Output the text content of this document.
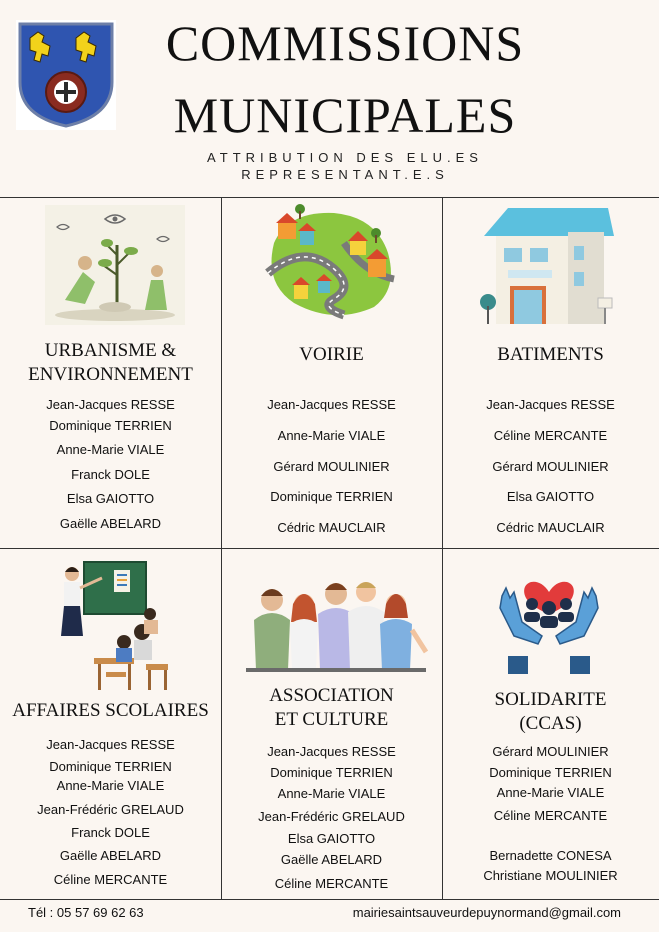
COMMISSIONS
MUNICIPALES
ATTRIBUTION DES ELU.ES
REPRESENTANT.E.S
URBANISME &
ENVIRONNEMENT
Jean-Jacques RESSE
Dominique TERRIEN
Anne-Marie VIALE
Franck DOLE
Elsa GAIOTTO
Gaëlle ABELARD
VOIRIE
Jean-Jacques RESSE
Anne-Marie VIALE
Gérard MOULINIER
Dominique TERRIEN
Cédric MAUCLAIR
BATIMENTS
Jean-Jacques RESSE
Céline MERCANTE
Gérard MOULINIER
Elsa GAIOTTO
Cédric MAUCLAIR
AFFAIRES SCOLAIRES
Jean-Jacques RESSE
Dominique TERRIEN
Anne-Marie VIALE
Jean-Frédéric GRELAUD
Franck DOLE
Gaëlle ABELARD
Céline MERCANTE
ASSOCIATION
ET CULTURE
Jean-Jacques RESSE
Dominique TERRIEN
Anne-Marie VIALE
Jean-Frédéric GRELAUD
Elsa GAIOTTO
Gaëlle ABELARD
Céline MERCANTE
SOLIDARITE
(CCAS)
Gérard MOULINIER
Dominique TERRIEN
Anne-Marie VIALE
Céline MERCANTE
Bernadette CONESA
Christiane MOULINIER
Tél : 05 57 69 62 63	mairiesaintsauveurdepuynormand@gmail.com
